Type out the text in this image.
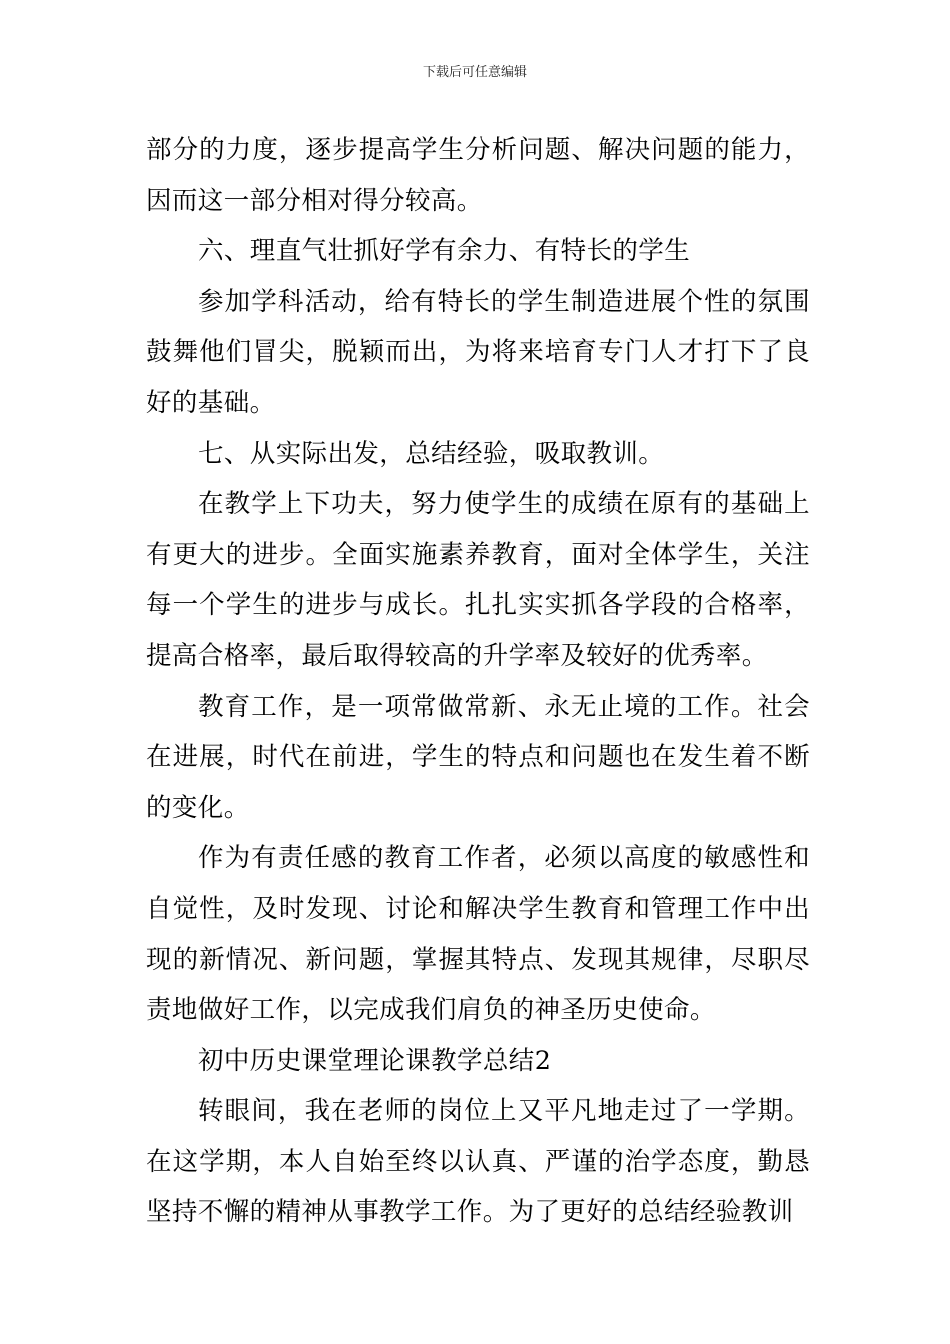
下载后可任意编辑

部分的力度，逐步提高学生分析问题、解决问题的能力，因而这一部分相对得分较高。

六、理直气壮抓好学有余力、有特长的学生

参加学科活动，给有特长的学生制造进展个性的氛围鼓舞他们冒尖，脱颖而出，为将来培育专门人才打下了良好的基础。

七、从实际出发，总结经验，吸取教训。

在教学上下功夫，努力使学生的成绩在原有的基础上有更大的进步。全面实施素养教育，面对全体学生，关注每一个学生的进步与成长。扎扎实实抓各学段的合格率，提高合格率，最后取得较高的升学率及较好的优秀率。

教育工作，是一项常做常新、永无止境的工作。社会在进展，时代在前进，学生的特点和问题也在发生着不断的变化。

作为有责任感的教育工作者，必须以高度的敏感性和自觉性，及时发现、讨论和解决学生教育和管理工作中出现的新情况、新问题，掌握其特点、发现其规律，尽职尽责地做好工作，以完成我们肩负的神圣历史使命。

初中历史课堂理论课教学总结2

转眼间，我在老师的岗位上又平凡地走过了一学期。在这学期，本人自始至终以认真、严谨的治学态度，勤恳坚持不懈的精神从事教学工作。为了更好的总结经验教训
